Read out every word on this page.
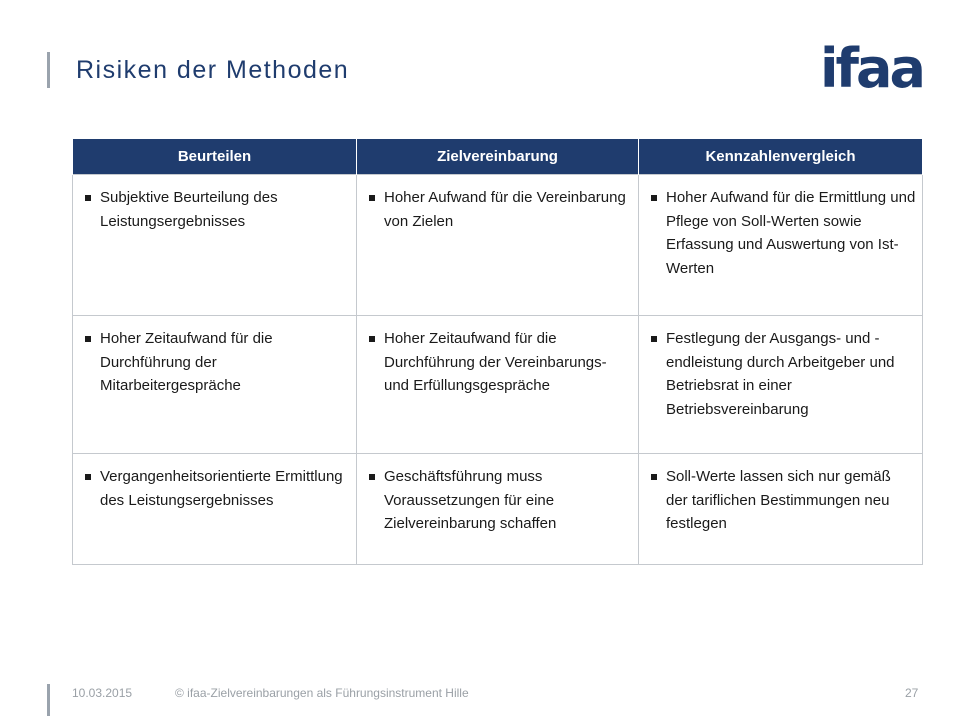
Risiken der Methoden	ifaa
Beurteilen	Zielvereinbarung	Kennzahlenvergleich

Subjektive Beurteilung des Leistungsergebnisses	Hoher Aufwand für die Vereinbarung von Zielen	Hoher Aufwand für die Ermittlung und Pflege von Soll-Werten sowie Erfassung und Auswertung von Ist-Werten

Hoher Zeitaufwand für die Durchführung der Mitarbeitergespräche	Hoher Zeitaufwand für die Durchführung der Vereinbarungs- und Erfüllungsgespräche	Festlegung der Ausgangs- und -endleistung durch Arbeitgeber und Betriebsrat in einer Betriebsvereinbarung

Vergangenheitsorientierte Ermittlung des Leistungsergebnisses	Geschäftsführung muss Voraussetzungen für eine Zielvereinbarung schaffen	Soll-Werte lassen sich nur gemäß der tariflichen Bestimmungen neu festlegen
10.03.2015	© ifaa-Zielvereinbarungen als Führungsinstrument Hille	27
